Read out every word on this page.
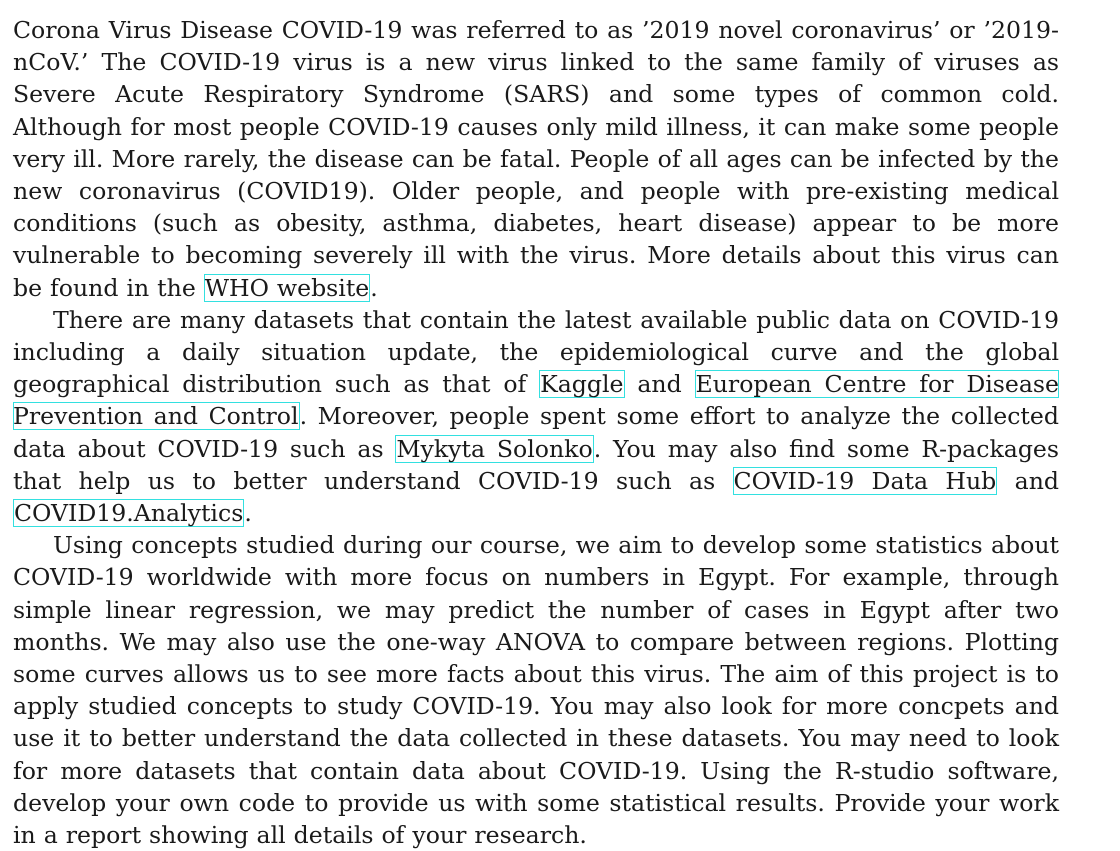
Corona Virus Disease COVID-19 was referred to as ’2019 novel coronavirus’ or ’2019-nCoV.’ The COVID-19 virus is a new virus linked to the same family of viruses as Severe Acute Respiratory Syndrome (SARS) and some types of common cold. Although for most people COVID-19 causes only mild illness, it can make some people very ill. More rarely, the disease can be fatal. People of all ages can be infected by the new coronavirus (COVID19). Older people, and people with pre-existing medical conditions (such as obesity, asthma, diabetes, heart disease) appear to be more vulnerable to becoming severely ill with the virus. More details about this virus can be found in the WHO website.

There are many datasets that contain the latest available public data on COVID-19 including a daily situation update, the epidemiological curve and the global geographical distribution such as that of Kaggle and European Centre for Disease Prevention and Control. Moreover, people spent some effort to analyze the collected data about COVID-19 such as Mykyta Solonko. You may also find some R-packages that help us to better understand COVID-19 such as COVID-19 Data Hub and COVID19.Analytics.

Using concepts studied during our course, we aim to develop some statistics about COVID-19 worldwide with more focus on numbers in Egypt. For example, through simple linear regression, we may predict the number of cases in Egypt after two months. We may also use the one-way ANOVA to compare between regions. Plotting some curves allows us to see more facts about this virus. The aim of this project is to apply studied concepts to study COVID-19. You may also look for more concpets and use it to better understand the data collected in these datasets. You may need to look for more datasets that contain data about COVID-19. Using the R-studio software, develop your own code to provide us with some statistical results. Provide your work in a report showing all details of your research.
